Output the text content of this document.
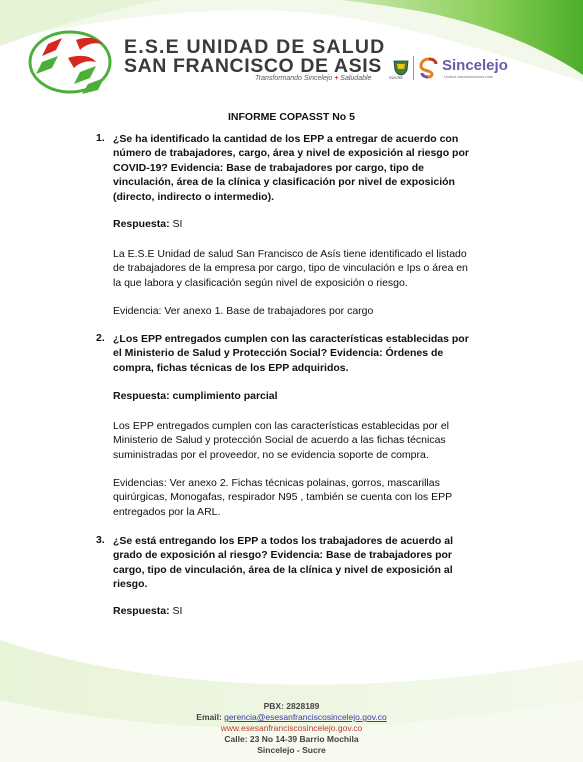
E.S.E UNIDAD DE SALUD
SAN FRANCISCO DE ASIS
Transformando Sincelejo + Saludable	SUCRE
Sincelejo
Unidos transformamos más
INFORME COPASST No 5
1. ¿Se ha identificado la cantidad de los EPP a entregar de acuerdo con
número de trabajadores, cargo, área y nivel de exposición al riesgo por
COVID-19? Evidencia: Base de trabajadores por cargo, tipo de
vinculación, área de la clínica y clasificación por nivel de exposición
(directo, indirecto o intermedio).
Respuesta: SI
La E.S.E Unidad de salud San Francisco de Asís tiene identificado el listado
de trabajadores de la empresa por cargo, tipo de vinculación e Ips o área en
la que labora y clasificación según nivel de exposición o riesgo.
Evidencia: Ver anexo 1. Base de trabajadores por cargo
2. ¿Los EPP entregados cumplen con las características establecidas por
el Ministerio de Salud y Protección Social? Evidencia: Órdenes de
compra, fichas técnicas de los EPP adquiridos.
Respuesta: cumplimiento parcial
Los EPP entregados cumplen con las características establecidas por el
Ministerio de Salud y protección Social de acuerdo a las fichas técnicas
suministradas por el proveedor, no se evidencia soporte de compra.
Evidencias: Ver anexo 2. Fichas técnicas polainas, gorros, mascarillas
quirúrgicas, Monogafas, respirador N95 , también se cuenta con los EPP
entregados por la ARL.
3. ¿Se está entregando los EPP a todos los trabajadores de acuerdo al
grado de exposición al riesgo? Evidencia: Base de trabajadores por
cargo, tipo de vinculación, área de la clínica y nivel de exposición al
riesgo.
Respuesta: SI
PBX: 2828189
Email: gerencia@esesanfranciscosincelejo.gov.co
www.esesanfranciscosincelejo.gov.co
Calle: 23 No 14-39 Barrio Mochila
Sincelejo - Sucre
